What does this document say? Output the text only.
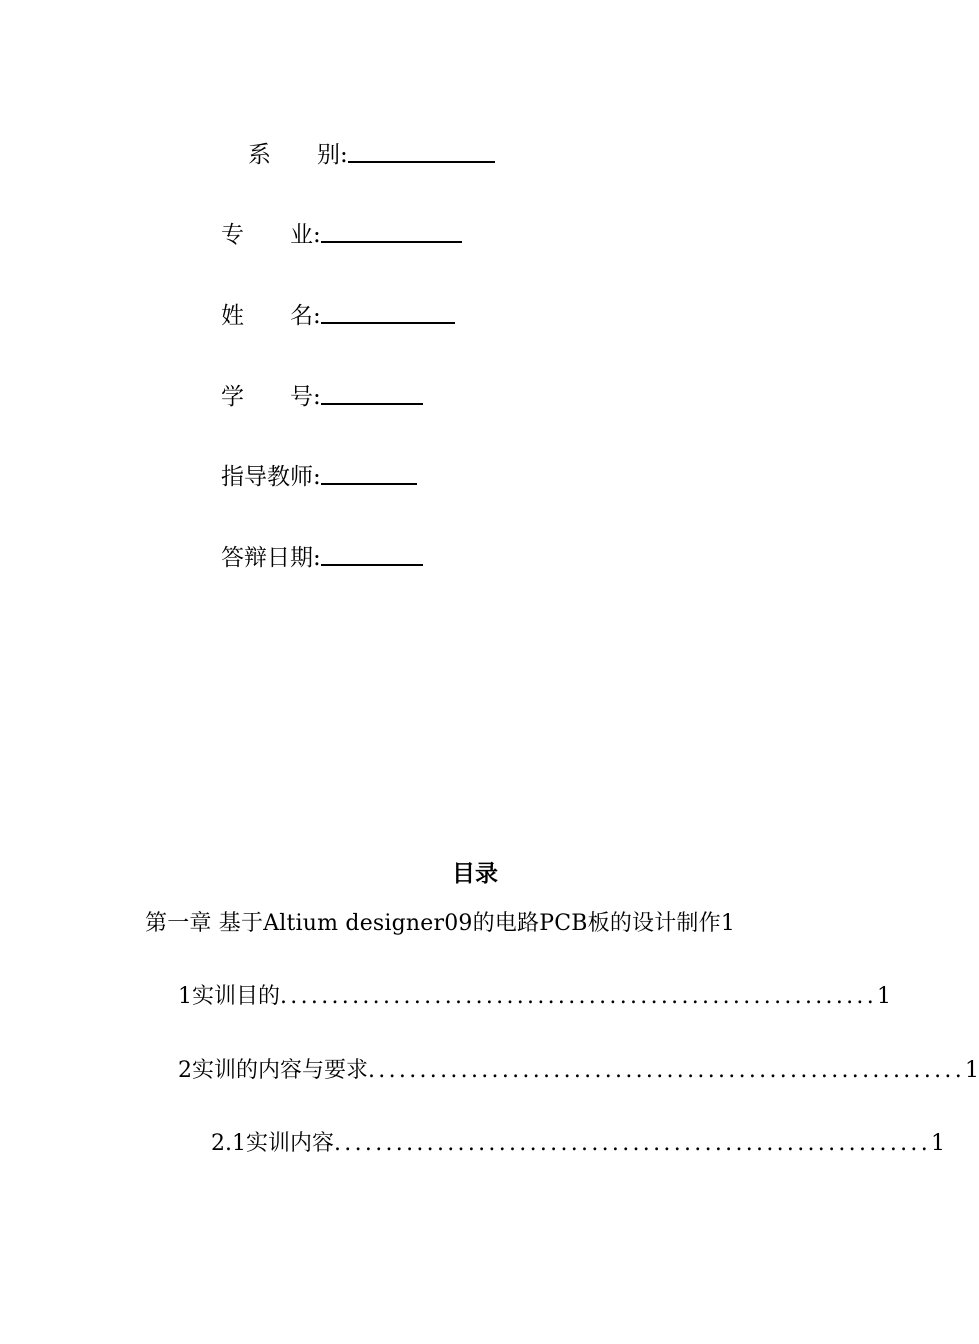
系　　别 :
专　　业 :
姓　　名 :
学　　号 :
指导教师 :
答辩日期 :
目录
第一章 基于Altium designer09的电路PCB板的设计制作1
1 实训目的 .......................................................... 1
2 实训的内容与要求 .......................................................... 1
2.1 实训内容 .......................................................... 1
